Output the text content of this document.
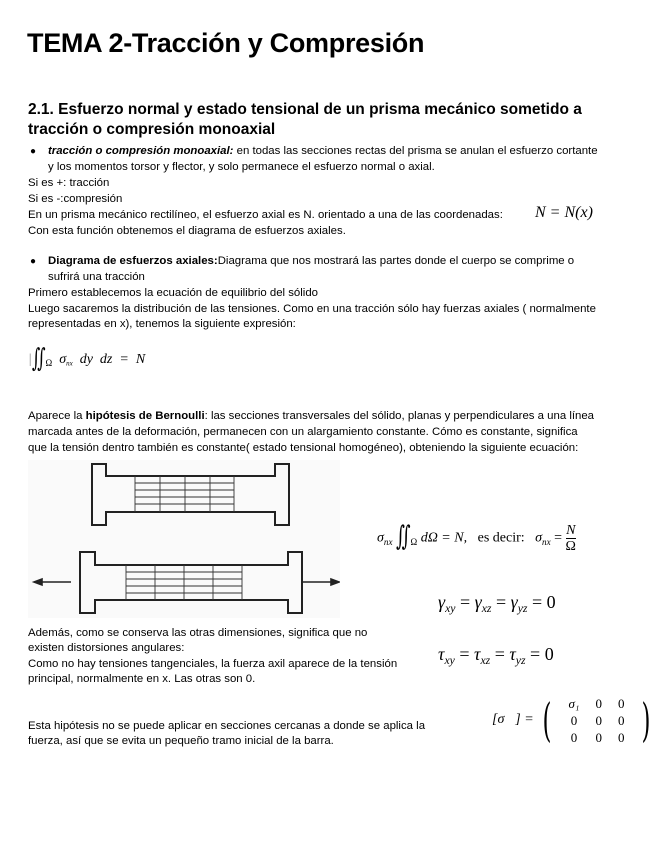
TEMA 2-Tracción y Compresión
2.1. Esfuerzo normal y estado tensional de un prisma mecánico sometido a
tracción o compresión monoaxial
● tracción o compresión monoaxial: en todas las secciones rectas del prisma se anulan el esfuerzo cortante
y los momentos torsor y flector, y solo permanece el esfuerzo normal o axial.
Si es +: tracción
Si es -:compresión
En un prisma mecánico rectilíneo, el esfuerzo axial es N. orientado a una de las coordenadas: N = N(x)
Con esta función obtenemos el diagrama de esfuerzos axiales.
● Diagrama de esfuerzos axiales:Diagrama que nos mostrará las partes donde el cuerpo se comprime o
sufrirá una tracción
Primero establecemos la ecuación de equilibrio del sólido
Luego sacaremos la distribución de las tensiones. Como en una tracción sólo hay fuerzas axiales ( normalmente
representadas en x), tenemos la siguiente expresión:
$|∬_\Omega$ $\sigma_{nx}$ dy  dz  =  N
Aparece la hipótesis de Bernoulli: las secciones transversales del sólido, planas y perpendiculares a una línea
marcada antes de la deformación, permanecen con un alargamiento constante. Cómo es constante, significa
que la tensión dentro también es constante( estado tensional homogéneo), obteniendo la siguiente ecuación:
$\sigma_{nx}$ $∬_\Omega$ dΩ = N, es decir: $\sigma_{nx} = \frac{N}{\Omega}$
$\gamma_{xy} = \gamma_{xz} = \gamma_{yz} = 0$
$\tau_{xy} = \tau_{xz} = \tau_{yz} = 0$
Además, como se conserva las otras dimensiones, significa que no
existen distorsiones angulares:
Como no hay tensiones tangenciales, la fuerza axil aparece de la tensión
principal, normalmente en x. Las otras son 0.
Esta hipótesis no se puede aplicar en secciones cercanas a donde se aplica la
fuerza, así que se evita un pequeño tramo inicial de la barra.
[σ⃗] = ( σ₁	0	0
0	0	0
0	0	0 )
